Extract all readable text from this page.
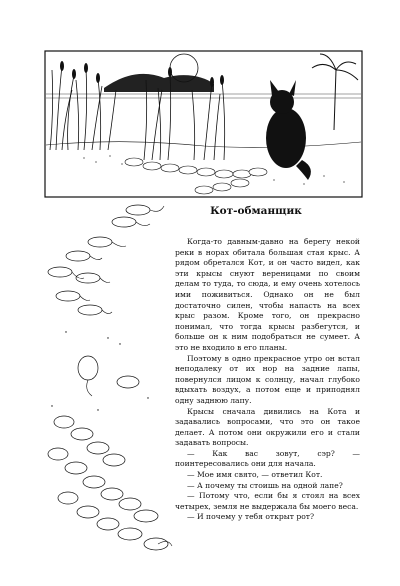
Кот-обманщик

Когда-то давным-давно на берегу некой реки в норах обитала большая стая крыс. А рядом обретался Кот, и он часто видел, как эти крысы снуют вереницами по своим делам то туда, то сюда, и ему очень хотелось ими поживиться. Однако он не был достаточно силен, чтобы напасть на всех крыс разом. Кроме того, он прекрасно понимал, что тогда крысы разбегутся, и больше он к ним подобраться не сумеет. А это не входило в его планы.

Поэтому в одно прекрасное утро он встал неподалеку от их нор на задние лапы, повернулся лицом к солнцу, начал глубоко вдыхать воздух, а потом еще и приподнял одну заднюю лапу.

Крысы сначала дивились на Кота и задавались вопросами, что это он такое делает. А потом они окружили его и стали задавать вопросы.

— Как вас зовут, сэр? — поинтересовались они для начала.

— Мое имя свято, — ответил Кот.

— А почему ты стоишь на одной лапе?

— Потому что, если бы я стоял на всех четырех, земля не выдержала бы моего веса.

— И почему у тебя открыт рот?
